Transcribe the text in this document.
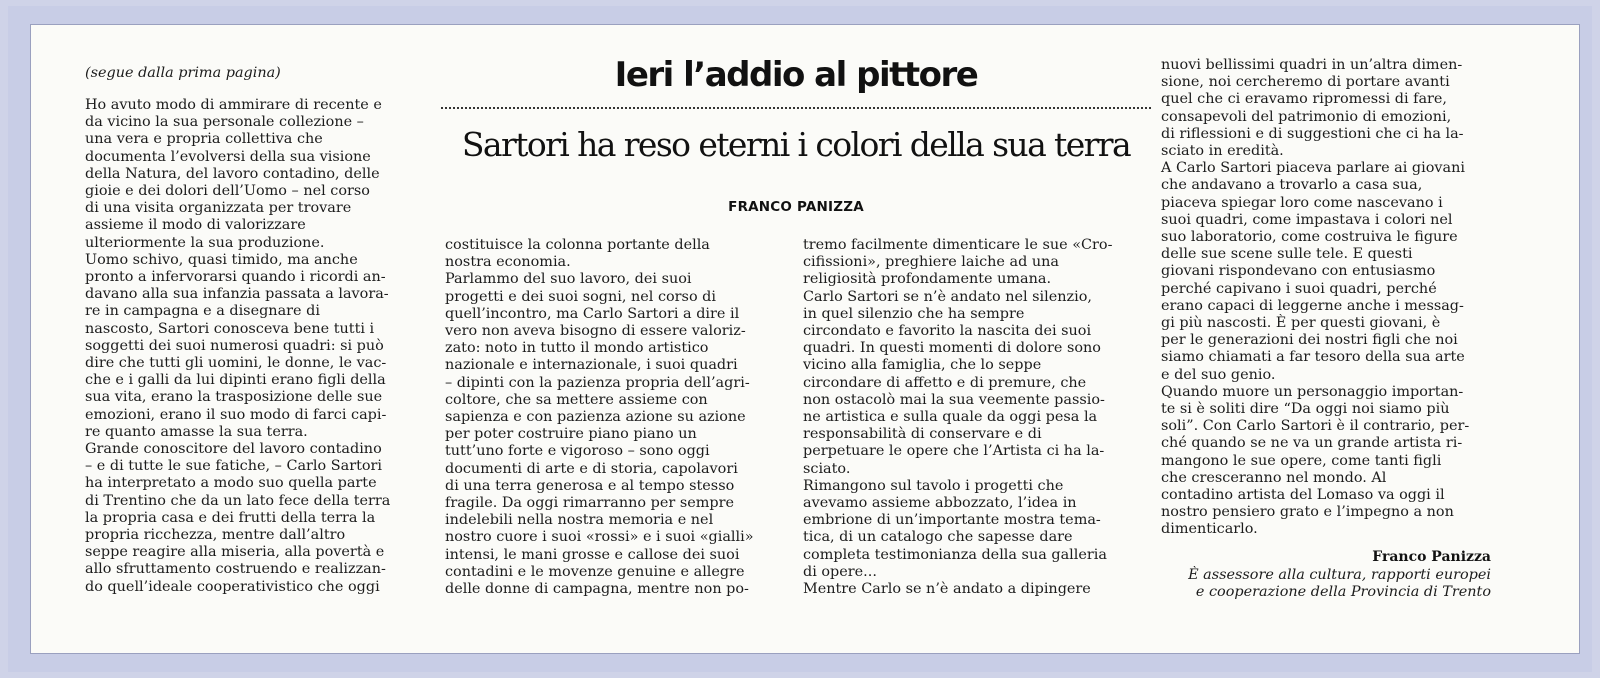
(segue dalla prima pagina)
Ho avuto modo di ammirare di recente e
da vicino la sua personale collezione –
una vera e propria collettiva che
documenta l’evolversi della sua visione
della Natura, del lavoro contadino, delle
gioie e dei dolori dell’Uomo – nel corso
di una visita organizzata per trovare
assieme il modo di valorizzare
ulteriormente la sua produzione.
Uomo schivo, quasi timido, ma anche
pronto a infervorarsi quando i ricordi an-
davano alla sua infanzia passata a lavora-
re in campagna e a disegnare di
nascosto, Sartori conosceva bene tutti i
soggetti dei suoi numerosi quadri: si può
dire che tutti gli uomini, le donne, le vac-
che e i galli da lui dipinti erano figli della
sua vita, erano la trasposizione delle sue
emozioni, erano il suo modo di farci capi-
re quanto amasse la sua terra.
Grande conoscitore del lavoro contadino
– e di tutte le sue fatiche, – Carlo Sartori
ha interpretato a modo suo quella parte
di Trentino che da un lato fece della terra
la propria casa e dei frutti della terra la
propria ricchezza, mentre dall’altro
seppe reagire alla miseria, alla povertà e
allo sfruttamento costruendo e realizzan-
do quell’ideale cooperativistico che oggi
Ieri l’addio al pittore
Sartori ha reso eterni i colori della sua terra
FRANCO PANIZZA
costituisce la colonna portante della
nostra economia.
Parlammo del suo lavoro, dei suoi
progetti e dei suoi sogni, nel corso di
quell’incontro, ma Carlo Sartori a dire il
vero non aveva bisogno di essere valoriz-
zato: noto in tutto il mondo artistico
nazionale e internazionale, i suoi quadri
– dipinti con la pazienza propria dell’agri-
coltore, che sa mettere assieme con
sapienza e con pazienza azione su azione
per poter costruire piano piano un
tutt’uno forte e vigoroso – sono oggi
documenti di arte e di storia, capolavori
di una terra generosa e al tempo stesso
fragile. Da oggi rimarranno per sempre
indelebili nella nostra memoria e nel
nostro cuore i suoi «rossi» e i suoi «gialli»
intensi, le mani grosse e callose dei suoi
contadini e le movenze genuine e allegre
delle donne di campagna, mentre non po-
tremo facilmente dimenticare le sue «Cro-
cifissioni», preghiere laiche ad una
religiosità profondamente umana.
Carlo Sartori se n’è andato nel silenzio,
in quel silenzio che ha sempre
circondato e favorito la nascita dei suoi
quadri. In questi momenti di dolore sono
vicino alla famiglia, che lo seppe
circondare di affetto e di premure, che
non ostacolò mai la sua veemente passio-
ne artistica e sulla quale da oggi pesa la
responsabilità di conservare e di
perpetuare le opere che l’Artista ci ha la-
sciato.
Rimangono sul tavolo i progetti che
avevamo assieme abbozzato, l’idea in
embrione di un’importante mostra tema-
tica, di un catalogo che sapesse dare
completa testimonianza della sua galleria
di opere...
Mentre Carlo se n’è andato a dipingere
nuovi bellissimi quadri in un’altra dimen-
sione, noi cercheremo di portare avanti
quel che ci eravamo ripromessi di fare,
consapevoli del patrimonio di emozioni,
di riflessioni e di suggestioni che ci ha la-
sciato in eredità.
A Carlo Sartori piaceva parlare ai giovani
che andavano a trovarlo a casa sua,
piaceva spiegar loro come nascevano i
suoi quadri, come impastava i colori nel
suo laboratorio, come costruiva le figure
delle sue scene sulle tele. E questi
giovani rispondevano con entusiasmo
perché capivano i suoi quadri, perché
erano capaci di leggerne anche i messag-
gi più nascosti. È per questi giovani, è
per le generazioni dei nostri figli che noi
siamo chiamati a far tesoro della sua arte
e del suo genio.
Quando muore un personaggio importan-
te si è soliti dire “Da oggi noi siamo più
soli”. Con Carlo Sartori è il contrario, per-
ché quando se ne va un grande artista ri-
mangono le sue opere, come tanti figli
che cresceranno nel mondo. Al
contadino artista del Lomaso va oggi il
nostro pensiero grato e l’impegno a non
dimenticarlo.
Franco Panizza
È assessore alla cultura, rapporti europei
e cooperazione della Provincia di Trento
